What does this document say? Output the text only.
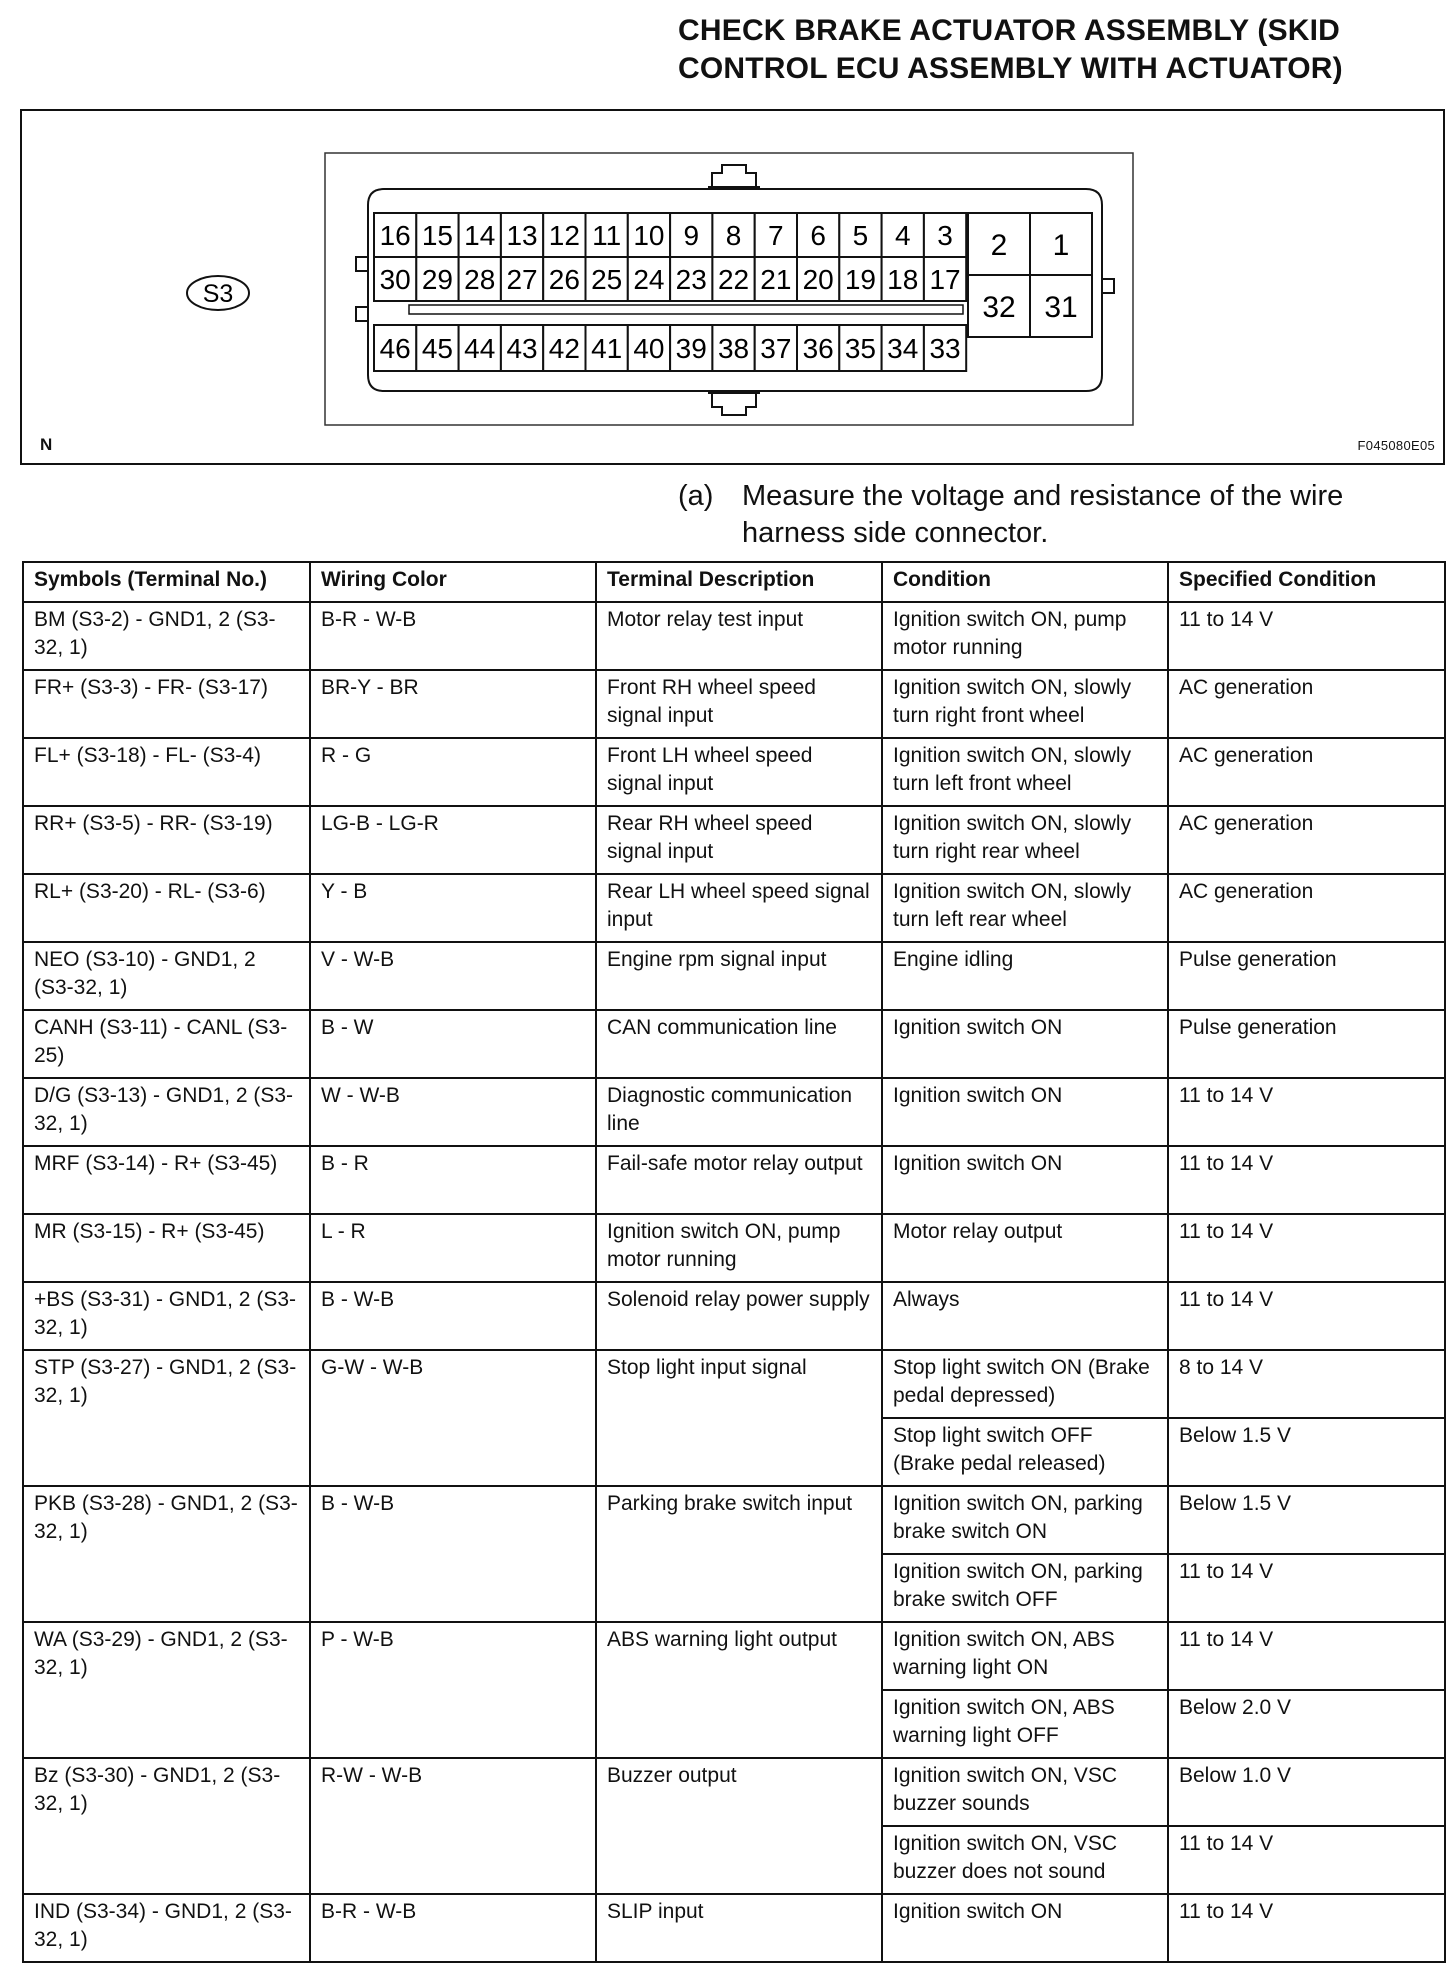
CHECK BRAKE ACTUATOR ASSEMBLY (SKID
CONTROL ECU ASSEMBLY WITH ACTUATOR)
16 15 14 13 12 11 10 9 8 7 6 5 4 3
30 29 28 27 26 25 24 23 22 21 20 19 18 17
46 45 44 43 42 41 40 39 38 37 36 35 34 33
2 1
32 31
S3
N	F045080E05
(a) Measure the voltage and resistance of the wire harness side connector.
Symbols (Terminal No.)	Wiring Color	Terminal Description	Condition	Specified Condition
BM (S3-2) - GND1, 2 (S3-32, 1)	B-R - W-B	Motor relay test input	Ignition switch ON, pump motor running	11 to 14 V
FR+ (S3-3) - FR- (S3-17)	BR-Y - BR	Front RH wheel speed signal input	Ignition switch ON, slowly turn right front wheel	AC generation
FL+ (S3-18) - FL- (S3-4)	R - G	Front LH wheel speed signal input	Ignition switch ON, slowly turn left front wheel	AC generation
RR+ (S3-5) - RR- (S3-19)	LG-B - LG-R	Rear RH wheel speed signal input	Ignition switch ON, slowly turn right rear wheel	AC generation
RL+ (S3-20) - RL- (S3-6)	Y - B	Rear LH wheel speed signal input	Ignition switch ON, slowly turn left rear wheel	AC generation
NEO (S3-10) - GND1, 2 (S3-32, 1)	V - W-B	Engine rpm signal input	Engine idling	Pulse generation
CANH (S3-11) - CANL (S3-25)	B - W	CAN communication line	Ignition switch ON	Pulse generation
D/G (S3-13) - GND1, 2 (S3-32, 1)	W - W-B	Diagnostic communication line	Ignition switch ON	11 to 14 V
MRF (S3-14) - R+ (S3-45)	B - R	Fail-safe motor relay output	Ignition switch ON	11 to 14 V
MR (S3-15) - R+ (S3-45)	L - R	Ignition switch ON, pump motor running	Motor relay output	11 to 14 V
+BS (S3-31) - GND1, 2 (S3-32, 1)	B - W-B	Solenoid relay power supply	Always	11 to 14 V
STP (S3-27) - GND1, 2 (S3-32, 1)	G-W - W-B	Stop light input signal	Stop light switch ON (Brake pedal depressed)	8 to 14 V
			Stop light switch OFF (Brake pedal released)	Below 1.5 V
PKB (S3-28) - GND1, 2 (S3-32, 1)	B - W-B	Parking brake switch input	Ignition switch ON, parking brake switch ON	Below 1.5 V
			Ignition switch ON, parking brake switch OFF	11 to 14 V
WA (S3-29) - GND1, 2 (S3-32, 1)	P - W-B	ABS warning light output	Ignition switch ON, ABS warning light ON	11 to 14 V
			Ignition switch ON, ABS warning light OFF	Below 2.0 V
Bz (S3-30) - GND1, 2 (S3-32, 1)	R-W - W-B	Buzzer output	Ignition switch ON, VSC buzzer sounds	Below 1.0 V
			Ignition switch ON, VSC buzzer does not sound	11 to 14 V
IND (S3-34) - GND1, 2 (S3-32, 1)	B-R - W-B	SLIP input	Ignition switch ON	11 to 14 V
